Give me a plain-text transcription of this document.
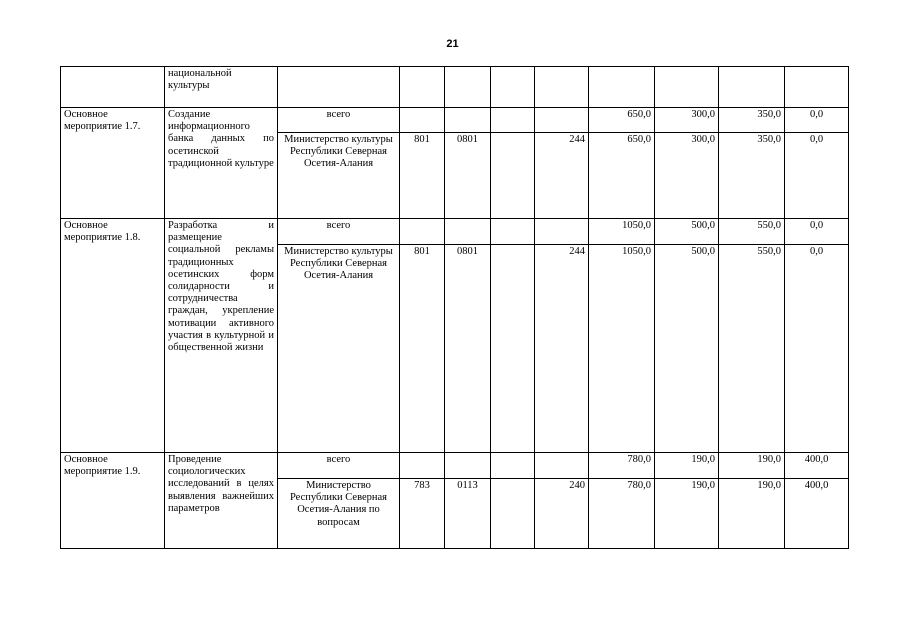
21
	национальной культуры									
Основное мероприятие 1.7.	Создание информационного банка данных по осетинской традиционной культуре	всего					650,0	300,0	350,0	0,0
		Министерство культуры Республики Северная Осетия-Алания	801	0801		244	650,0	300,0	350,0	0,0
Основное мероприятие 1.8.	Разработка и размещение социальной рекламы традиционных осетинских форм солидарности и сотрудничества граждан, укрепление мотивации активного участия в культурной и общественной жизни	всего					1050,0	500,0	550,0	0,0
		Министерство культуры Республики Северная Осетия-Алания	801	0801		244	1050,0	500,0	550,0	0,0
Основное мероприятие 1.9.	Проведение социологических исследований в целях выявления важнейших параметров	всего					780,0	190,0	190,0	400,0
		Министерство Республики Северная Осетия-Алания по вопросам	783	0113		240	780,0	190,0	190,0	400,0
